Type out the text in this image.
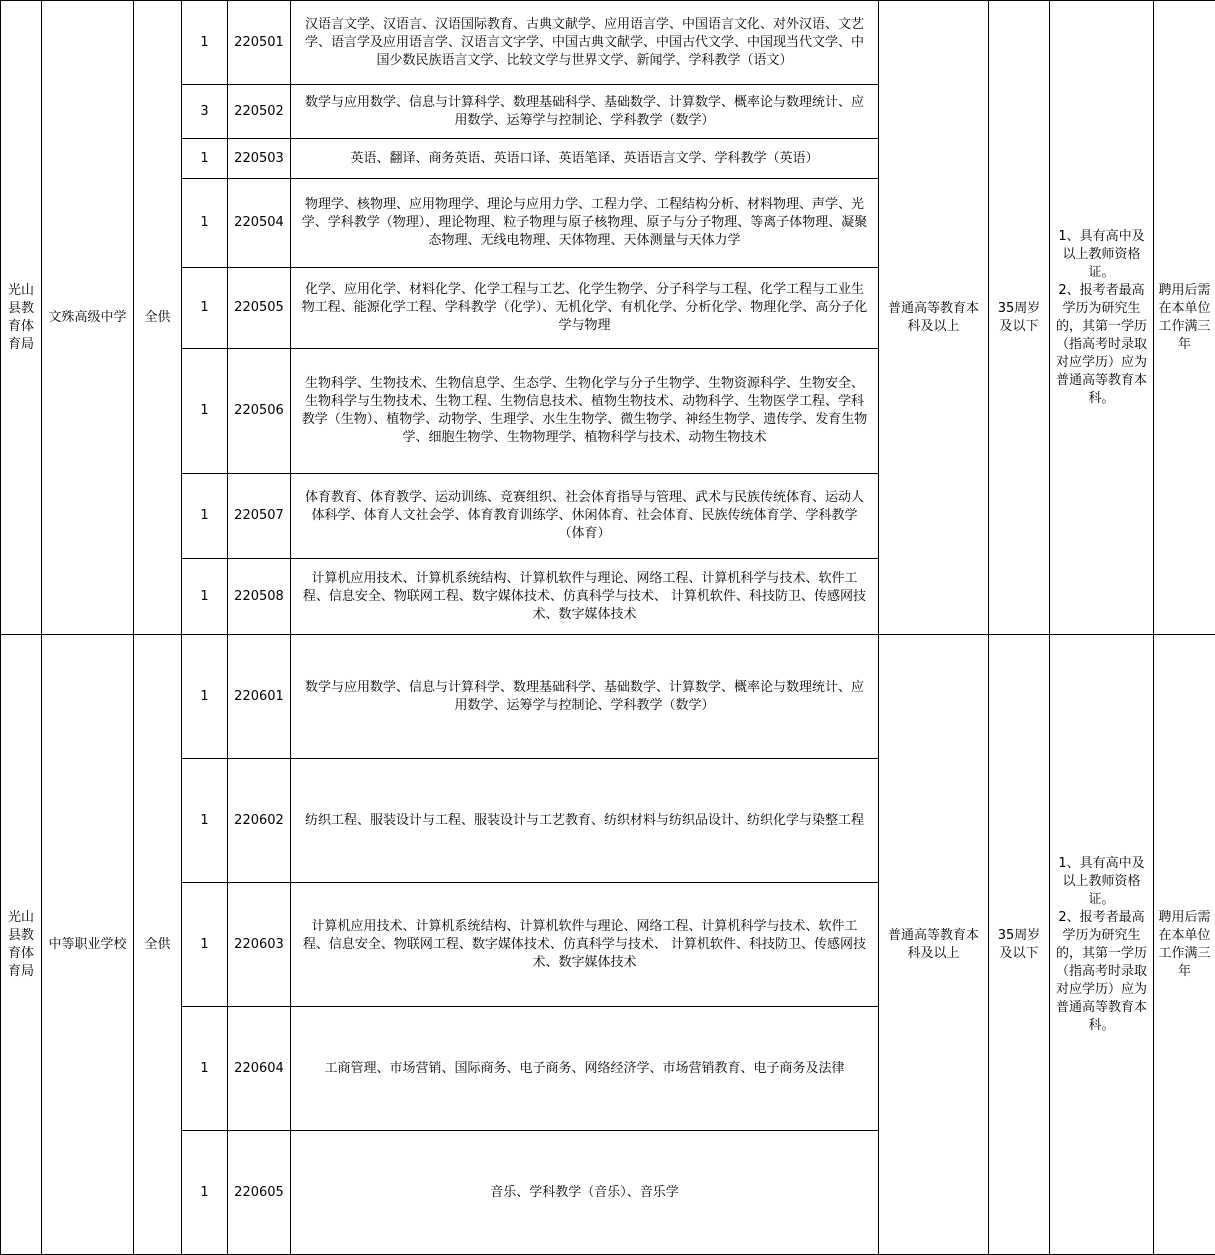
光山县教育体育局	文殊高级中学	全供	1	220501	汉语言文学、汉语言、汉语国际教育、古典文献学、应用语言学、中国语言文化、对外汉语、文艺学、语言学及应用语言学、汉语言文字学、中国古典文献学、中国古代文学、中国现当代文学、中国少数民族语言文学、比较文学与世界文学、新闻学、学科教学（语文）	普通高等教育本科及以上	35周岁及以下	1、具有高中及以上教师资格证。
2、报考者最高学历为研究生的，其第一学历（指高考时录取对应学历）应为普通高等教育本科。	聘用后需在本单位工作满三年
			3	220502	数学与应用数学、信息与计算科学、数理基础科学、基础数学、计算数学、概率论与数理统计、应用数学、运筹学与控制论、学科教学（数学）				
			1	220503	英语、翻译、商务英语、英语口译、英语笔译、英语语言文学、学科教学（英语）				
			1	220504	物理学、核物理、应用物理学、理论与应用力学、工程力学、工程结构分析、材料物理、声学、光学、学科教学（物理）、理论物理、粒子物理与原子核物理、原子与分子物理、等离子体物理、凝聚态物理、无线电物理、天体物理、天体测量与天体力学				
			1	220505	化学、应用化学、材料化学、化学工程与工艺、化学生物学、分子科学与工程、化学工程与工业生物工程、能源化学工程、学科教学（化学）、无机化学、有机化学、分析化学、物理化学、高分子化学与物理				
			1	220506	生物科学、生物技术、生物信息学、生态学、生物化学与分子生物学、生物资源科学、生物安全、生物科学与生物技术、生物工程、生物信息技术、植物生物技术、动物科学、生物医学工程、学科教学（生物）、植物学、动物学、生理学、水生生物学、微生物学、神经生物学、遗传学、发育生物学、细胞生物学、生物物理学、植物科学与技术、动物生物技术				
			1	220507	体育教育、体育教学、运动训练、竞赛组织、社会体育指导与管理、武术与民族传统体育、运动人体科学、体育人文社会学、体育教育训练学、休闲体育、社会体育、民族传统体育学、学科教学（体育）				
			1	220508	计算机应用技术、计算机系统结构、计算机软件与理论、网络工程、计算机科学与技术、软件工程、信息安全、物联网工程、数字媒体技术、仿真科学与技术、 计算机软件、科技防卫、传感网技术、数字媒体技术				
光山县教育体育局	中等职业学校	全供	1	220601	数学与应用数学、信息与计算科学、数理基础科学、基础数学、计算数学、概率论与数理统计、应用数学、运筹学与控制论、学科教学（数学）	普通高等教育本科及以上	35周岁及以下	1、具有高中及以上教师资格证。
2、报考者最高学历为研究生的，其第一学历（指高考时录取对应学历）应为普通高等教育本科。	聘用后需在本单位工作满三年
			1	220602	纺织工程、服装设计与工程、服装设计与工艺教育、纺织材料与纺织品设计、纺织化学与染整工程				
			1	220603	计算机应用技术、计算机系统结构、计算机软件与理论、网络工程、计算机科学与技术、软件工程、信息安全、物联网工程、数字媒体技术、仿真科学与技术、 计算机软件、科技防卫、传感网技术、数字媒体技术				
			1	220604	工商管理、市场营销、国际商务、电子商务、网络经济学、市场营销教育、电子商务及法律				
			1	220605	音乐、学科教学（音乐）、音乐学				
